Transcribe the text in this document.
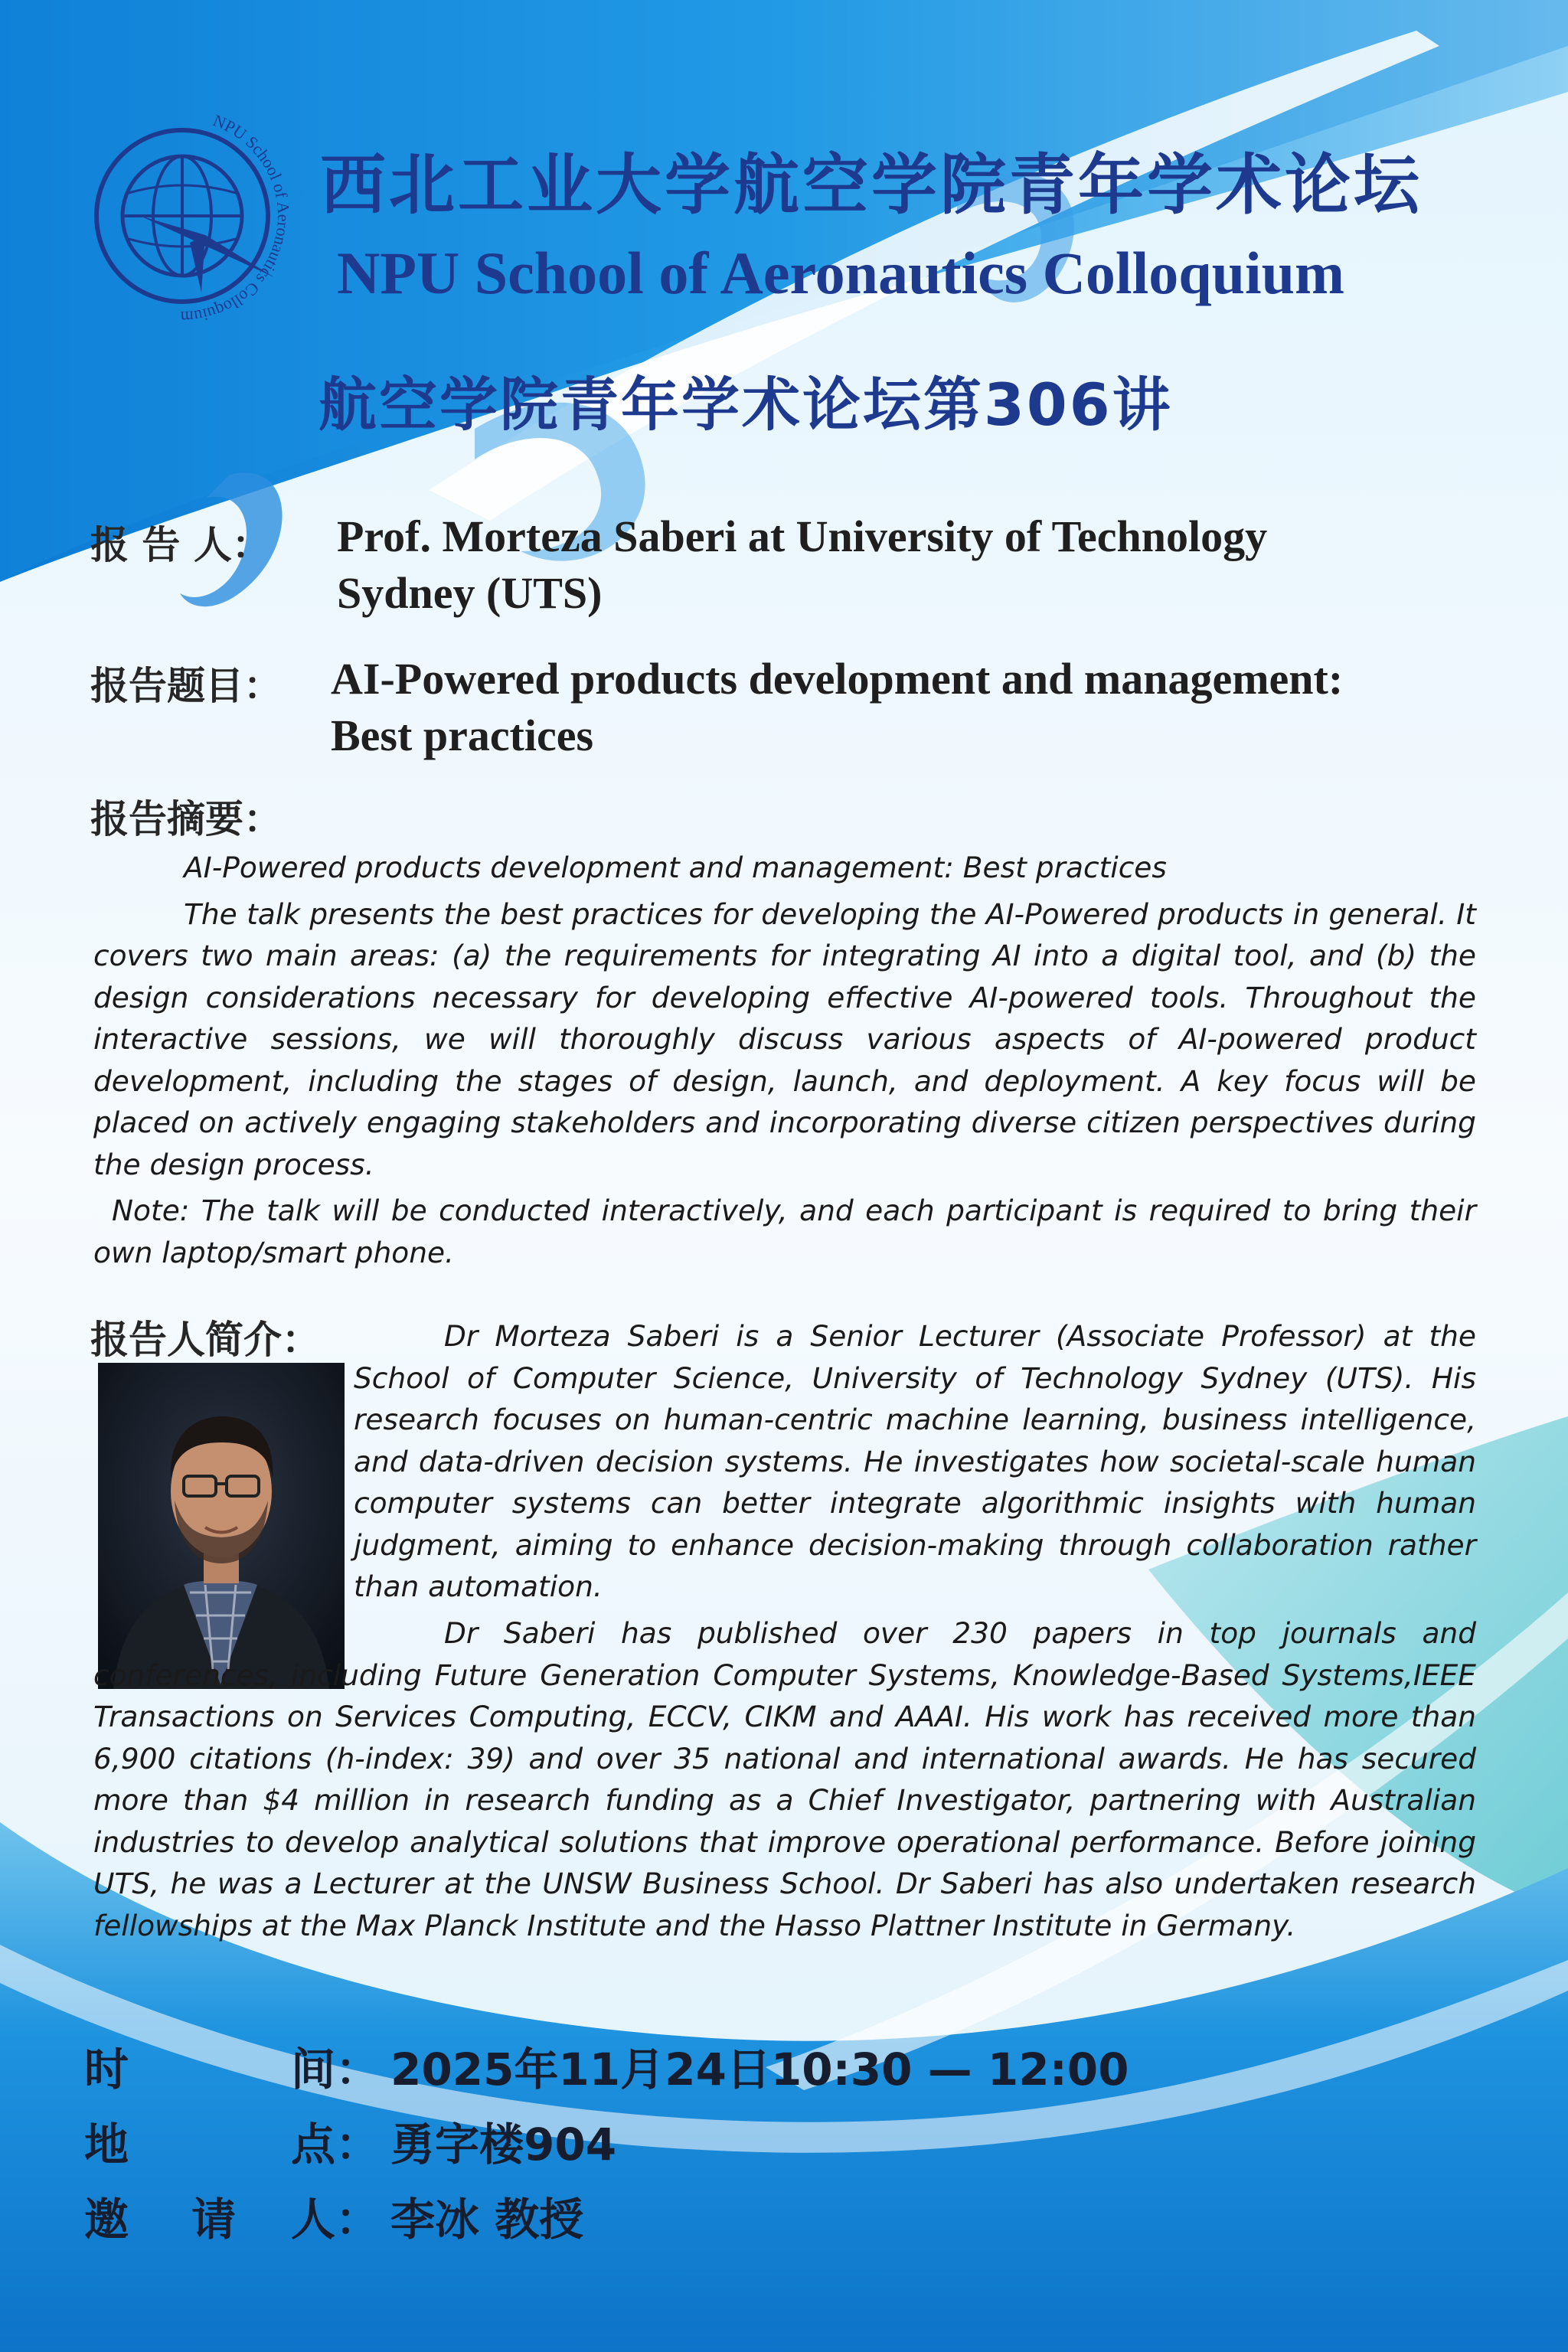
NPU School of Aeronautics Colloquium
西北工业大学航空学院青年学术论坛
NPU School of Aeronautics Colloquium
航空学院青年学术论坛第306讲
报 告 人： Prof. Morteza Saberi at University of Technology
Sydney (UTS)
报告题目： AI-Powered products development and management:
Best practices
报告摘要：

AI-Powered products development and management: Best practices

The talk presents the best practices for developing the AI-Powered products in general. It covers two main areas: (a) the requirements for integrating AI into a digital tool, and (b) the design considerations necessary for developing effective AI-powered tools. Throughout the interactive sessions, we will thoroughly discuss various aspects of AI-powered product development, including the stages of design, launch, and deployment. A key focus will be placed on actively engaging stakeholders and incorporating diverse citizen perspectives during the design process.

Note: The talk will be conducted interactively, and each participant is required to bring their own laptop/smart phone.

报告人简介：	Dr Morteza Saberi is a Senior Lecturer (Associate Professor) at the School of Computer Science, University of Technology Sydney (UTS). His research focuses on human-centric machine learning, business intelligence, and data-driven decision systems. He investigates how societal-scale human computer systems can better integrate algorithmic insights with human judgment, aiming to enhance decision-making through collaboration rather than automation.

Dr Saberi has published over 230 papers in top journals and conferences, including Future Generation Computer Systems, Knowledge-Based Systems,IEEE Transactions on Services Computing, ECCV, CIKM and AAAI. His work has received more than 6,900 citations (h-index: 39) and over 35 national and international awards. He has secured more than $4 million in research funding as a Chief Investigator, partnering with Australian industries to develop analytical solutions that improve operational performance. Before joining UTS, he was a Lecturer at the UNSW Business School. Dr Saberi has also undertaken research fellowships at the Max Planck Institute and the Hasso Plattner Institute in Germany.

时	间： 2025年11月24日10:30 — 12:00
地	点： 勇字楼904
邀 请 人： 李冰 教授
